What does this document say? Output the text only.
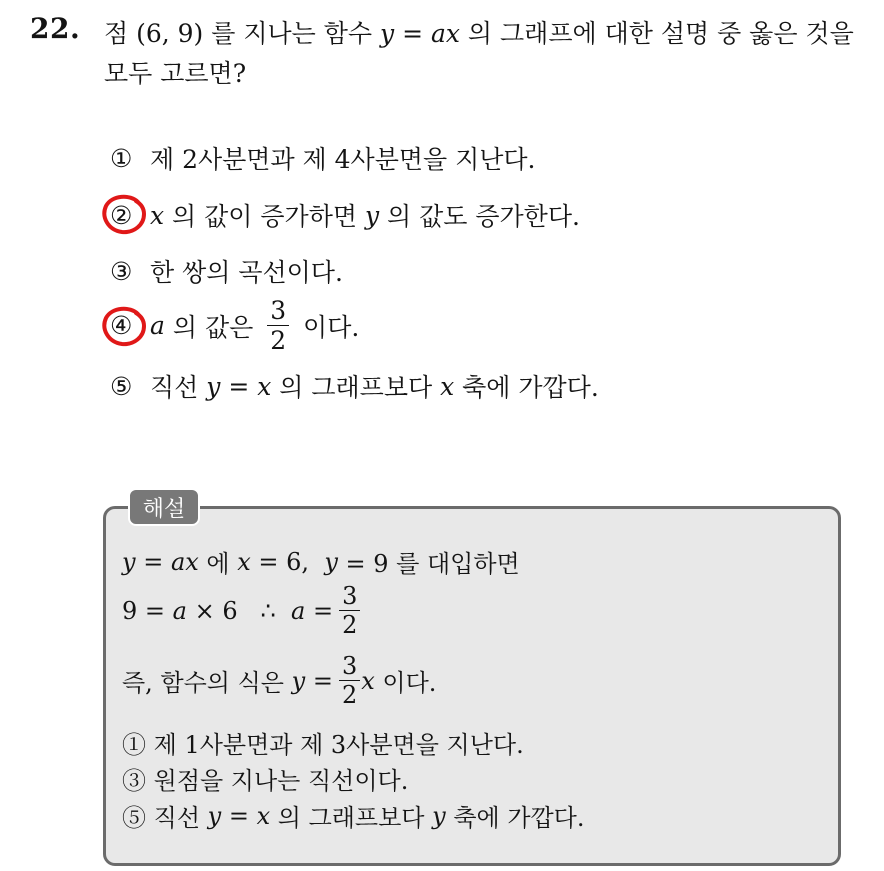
22. 점 (6, 9) 를 지나는 함수 y = ax 의 그래프에 대한 설명 중 옳은 것을
모두 고르면?
① 제 2사분면과 제 4사분면을 지난다.
② x 의 값이 증가하면 y 의 값도 증가한다.
③ 한 쌍의 곡선이다.
④ a 의 값은 $\frac{3}{2}$ 이다.
⑤ 직선 y = x 의 그래프보다 x 축에 가깝다.
해설
y = ax 에 x = 6, y = 9 를 대입하면
9 = a × 6   ∴ $a = \frac{3}{2}$
즉, 함수의 식은 $y = \frac{3}{2}$ x 이다.
① 제 1사분면과 제 3사분면을 지난다.
③ 원점을 지나는 직선이다.
⑤ 직선 y = x 의 그래프보다 y 축에 가깝다.
